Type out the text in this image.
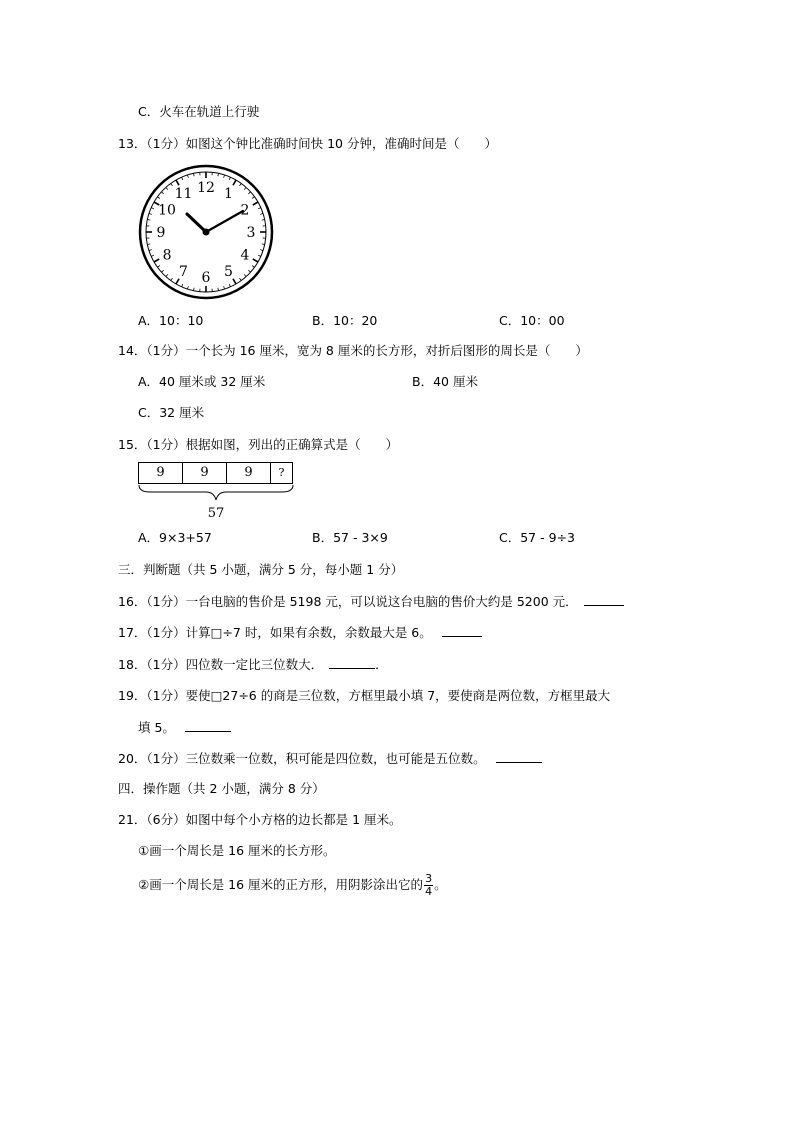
C．火车在轨道上行驶
13．（1分）如图这个钟比准确时间快 10 分钟，准确时间是（　　）
12 1
2
3
4
5
6
7
8
9
10
11
A．10：10	B．10：20	C．10：00
14．（1分）一个长为 16 厘米，宽为 8 厘米的长方形，对折后图形的周长是（　　）
A．40 厘米或 32 厘米	B．40 厘米
C．32 厘米
15．（1分）根据如图，列出的正确算式是（　　）
9	9	9	?
57
A．9×3+57	B．57 - 3×9	C．57 - 9÷3
三．判断题（共 5 小题，满分 5 分，每小题 1 分）
16．（1分）一台电脑的售价是 5198 元，可以说这台电脑的售价大约是 5200 元．
17．（1分）计算□÷7 时，如果有余数，余数最大是 6。
18．（1分）四位数一定比三位数大．	．
19．（1分）要使□27÷6 的商是三位数，方框里最小填 7，要使商是两位数，方框里最大
填 5。
20．（1分）三位数乘一位数，积可能是四位数，也可能是五位数。
四．操作题（共 2 小题，满分 8 分）
21．（6分）如图中每个小方格的边长都是 1 厘米。
①画一个周长是 16 厘米的长方形。
②画一个周长是 16 厘米的正方形，用阴影涂出它的 $\frac{3}{4}$ 。
